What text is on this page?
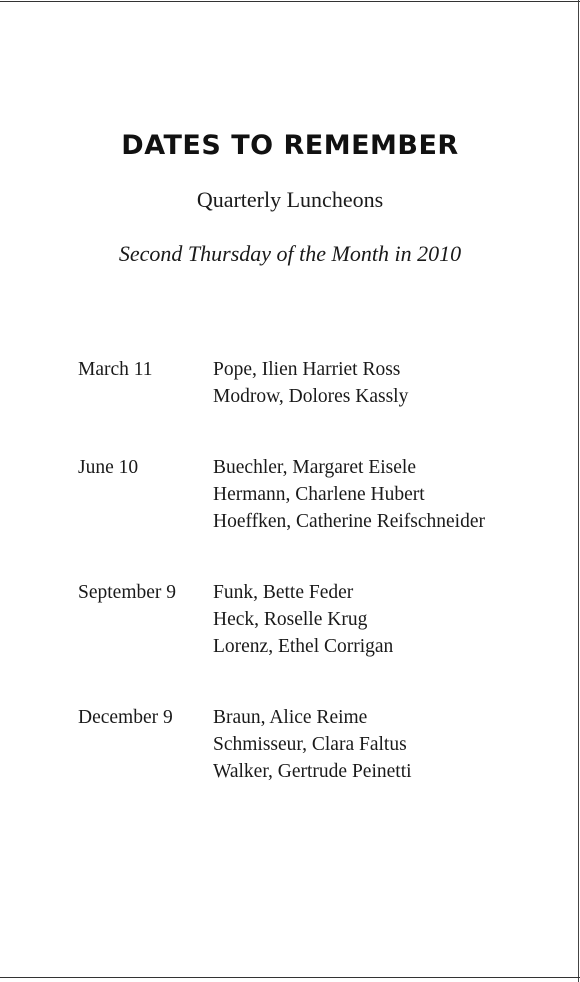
DATES TO REMEMBER
Quarterly Luncheons
Second Thursday of the Month in 2010
March 11	Pope, Ilien Harriet Ross
Modrow, Dolores Kassly
June 10	Buechler, Margaret Eisele
Hermann, Charlene Hubert
Hoeffken, Catherine Reifschneider
September 9	Funk, Bette Feder
Heck, Roselle Krug
Lorenz, Ethel Corrigan
December 9	Braun, Alice Reime
Schmisseur, Clara Faltus
Walker, Gertrude Peinetti
